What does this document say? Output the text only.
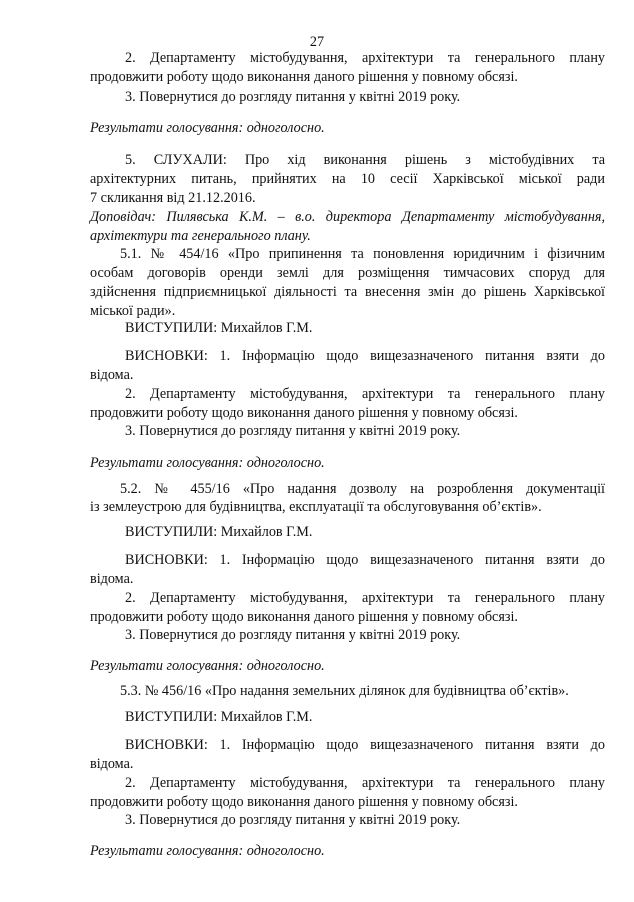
27
2. Департаменту містобудування, архітектури та генерального плану
продовжити роботу щодо виконання даного рішення у повному обсязі.
3. Повернутися до розгляду питання у квітні 2019 року.
Результати голосування: одноголосно.
5. СЛУХАЛИ: Про хід виконання рішень з містобудівних та
архітектурних питань, прийнятих на 10 сесії Харківської міської ради
7 скликання від 21.12.2016.
Доповідач: Пилявська К.М. – в.о. директора Департаменту містобудування,
архітектури та генерального плану.
5.1. № 454/16 «Про припинення та поновлення юридичним і фізичним
особам договорів оренди землі для розміщення тимчасових споруд для
здійснення підприємницької діяльності та внесення змін до рішень Харківської
міської ради».
ВИСТУПИЛИ: Михайлов Г.М.
ВИСНОВКИ: 1. Інформацію щодо вищезазначеного питання взяти до
відома.
2. Департаменту містобудування, архітектури та генерального плану
продовжити роботу щодо виконання даного рішення у повному обсязі.
3. Повернутися до розгляду питання у квітні 2019 року.
Результати голосування: одноголосно.
5.2. № 455/16 «Про надання дозволу на розроблення документації
із землеустрою для будівництва, експлуатації та обслуговування об’єктів».
ВИСТУПИЛИ: Михайлов Г.М.
ВИСНОВКИ: 1. Інформацію щодо вищезазначеного питання взяти до
відома.
2. Департаменту містобудування, архітектури та генерального плану
продовжити роботу щодо виконання даного рішення у повному обсязі.
3. Повернутися до розгляду питання у квітні 2019 року.
Результати голосування: одноголосно.
5.3. № 456/16 «Про надання земельних ділянок для будівництва об’єктів».
ВИСТУПИЛИ: Михайлов Г.М.
ВИСНОВКИ: 1. Інформацію щодо вищезазначеного питання взяти до
відома.
2. Департаменту містобудування, архітектури та генерального плану
продовжити роботу щодо виконання даного рішення у повному обсязі.
3. Повернутися до розгляду питання у квітні 2019 року.
Результати голосування: одноголосно.
